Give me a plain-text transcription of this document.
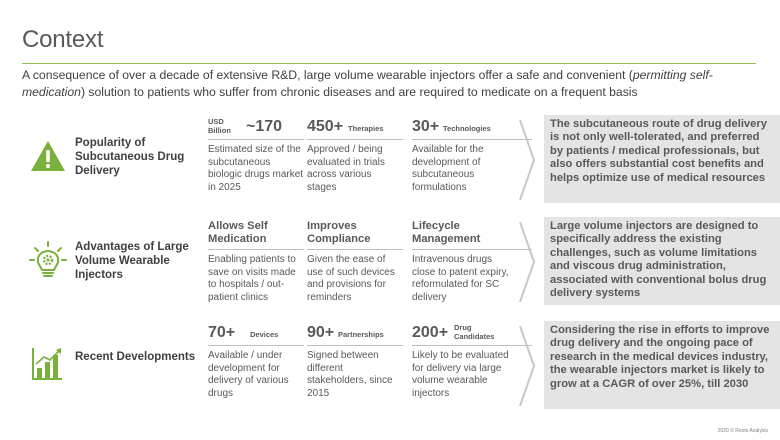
Context
A consequence of over a decade of extensive R&D, large volume wearable injectors offer a safe and convenient (permitting self-medication) solution to patients who suffer from chronic diseases and are required to medicate on a frequent basis
Popularity of Subcutaneous Drug Delivery
USD Billion ~170
Estimated size of the subcutaneous biologic drugs market in 2025
450+ Therapies
Approved / being evaluated in trials across various stages
30+ Technologies
Available for the development of subcutaneous formulations
The subcutaneous route of drug delivery is not only well-tolerated, and preferred by patients / medical professionals, but also offers substantial cost benefits and helps optimize use of medical resources
Advantages of Large Volume Wearable Injectors
Allows Self Medication
Enabling patients to save on visits made to hospitals / out-patient clinics
Improves Compliance
Given the ease of use of such devices and provisions for reminders
Lifecycle Management
Intravenous drugs close to patent expiry, reformulated for SC delivery
Large volume injectors are designed to specifically address the existing challenges, such as volume limitations and viscous drug administration, associated with conventional bolus drug delivery systems
Recent Developments
70+ Devices
Available / under development for delivery of various drugs
90+ Partnerships
Signed between different stakeholders, since 2015
200+ Drug Candidates
Likely to be evaluated for delivery via large volume wearable injectors
Considering the rise in efforts to improve drug delivery and the ongoing pace of research in the medical devices industry, the wearable injectors market is likely to grow at a CAGR of over 25%, till 2030
2020 © Roots Analysis
